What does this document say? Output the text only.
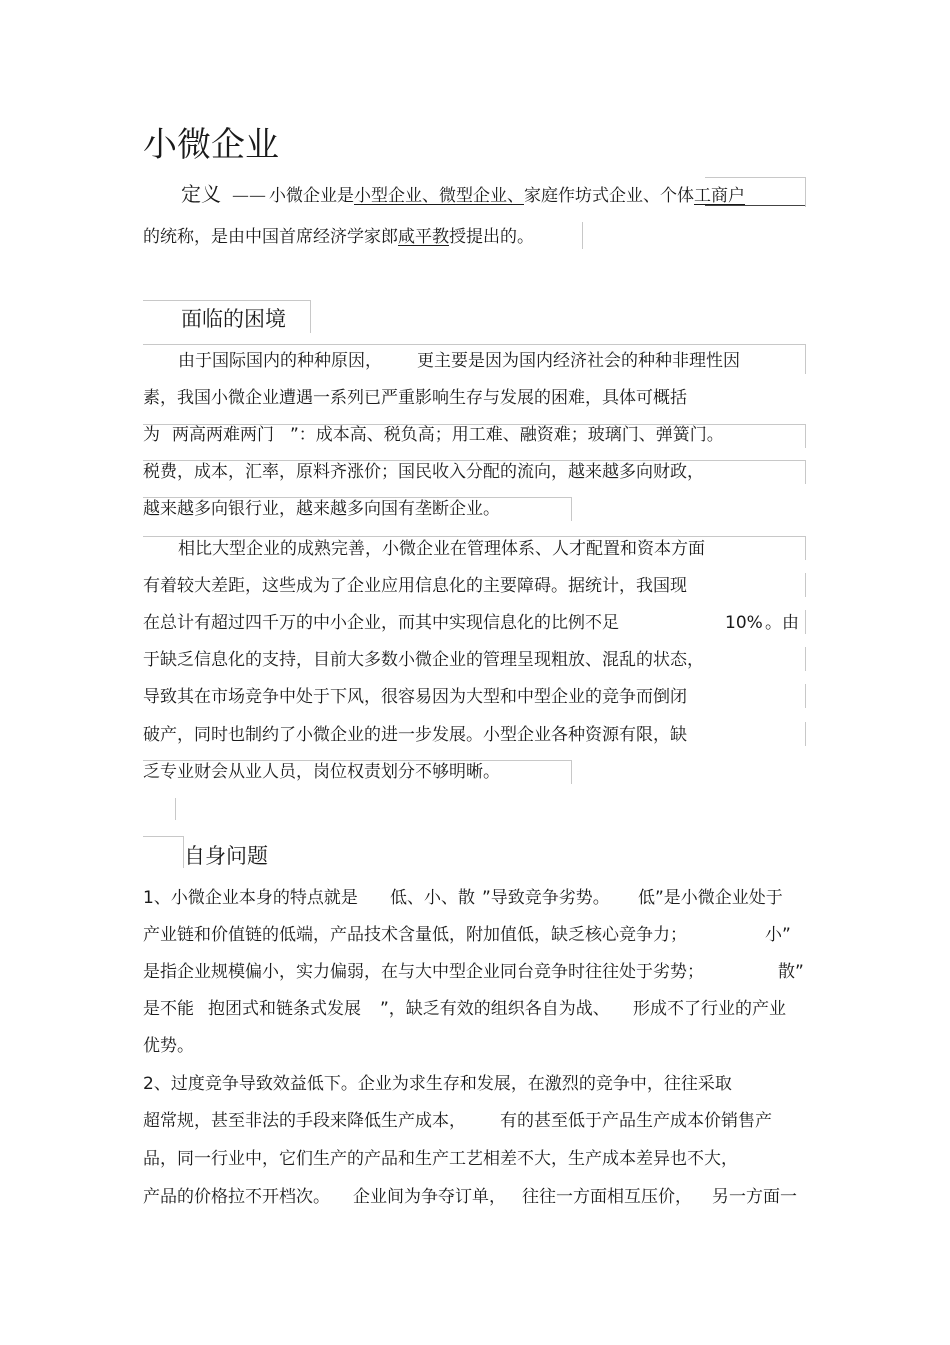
小微企业
定义 —— 小微企业是小型企业、微型企业、家庭作坊式企业、个体工商户
的统称，是由中国首席经济学家郎咸平教授提出的。
面临的困境
由于国际国内的种种原因， 更主要是因为国内经济社会的种种非理性因
素，我国小微企业遭遇一系列已严重影响生存与发展的困难，具体可概括
为 两高两难两门 ”：成本高、税负高；用工难、融资难；玻璃门、弹簧门。
税费，成本，汇率，原料齐涨价；国民收入分配的流向，越来越多向财政，
越来越多向银行业，越来越多向国有垄断企业。
相比大型企业的成熟完善，小微企业在管理体系、人才配置和资本方面
有着较大差距，这些成为了企业应用信息化的主要障碍。据统计，我国现
在总计有超过四千万的中小企业，而其中实现信息化的比例不足	10% 。由
于缺乏信息化的支持，目前大多数小微企业的管理呈现粗放、混乱的状态，
导致其在市场竞争中处于下风，很容易因为大型和中型企业的竞争而倒闭
破产，同时也制约了小微企业的进一步发展。小型企业各种资源有限，缺
乏专业财会从业人员，岗位权责划分不够明晰。
自身问题
1、小微企业本身的特点就是 低、小、散 ”导致竞争劣势。 低”是小微企业处于
产业链和价值链的低端，产品技术含量低，附加值低，缺乏核心竞争力；	小”
是指企业规模偏小，实力偏弱，在与大中型企业同台竞争时往往处于劣势；	散”
是不能 抱团式和链条式发展 ”，缺乏有效的组织各自为战、 形成不了行业的产业
优势。
2、过度竞争导致效益低下。企业为求生存和发展，在激烈的竞争中，往往采取
超常规，甚至非法的手段来降低生产成本， 有的甚至低于产品生产成本价销售产
品，同一行业中，它们生产的产品和生产工艺相差不大，生产成本差异也不大，
产品的价格拉不开档次。 企业间为争夺订单， 往往一方面相互压价， 另一方面一
